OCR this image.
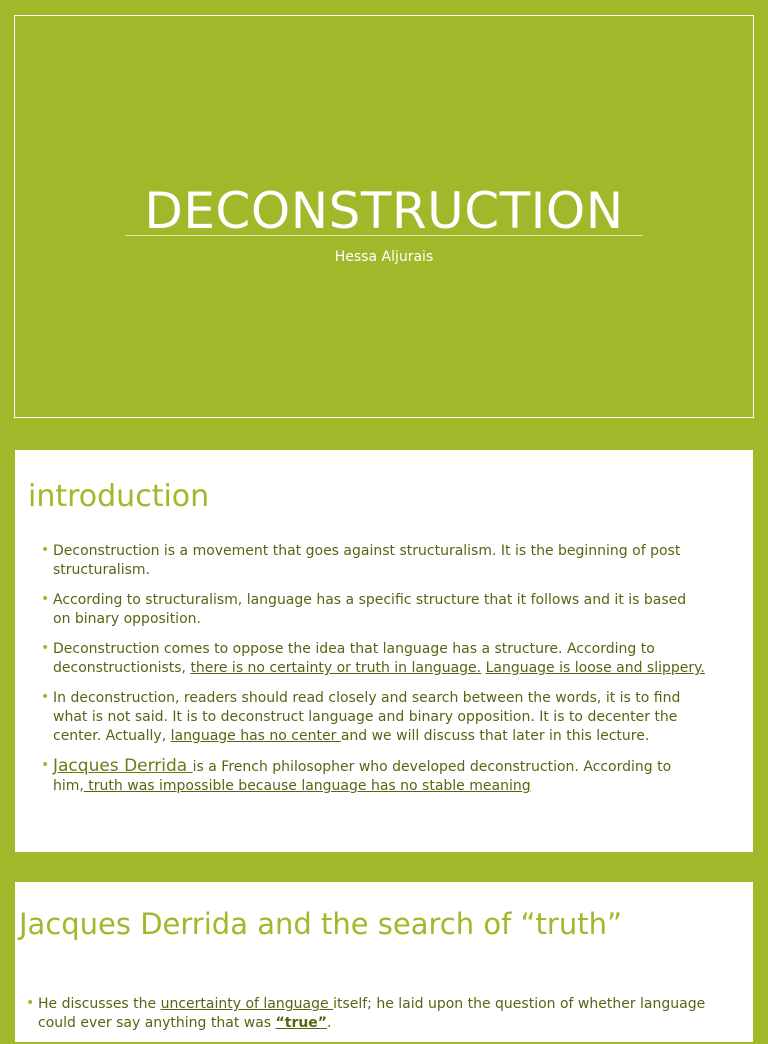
DECONSTRUCTION
Hessa Aljurais
introduction
• Deconstruction is a movement that goes against structuralism. It is the beginning of post structuralism.
• According to structuralism, language has a specific structure that it follows and it is based on binary opposition.
• Deconstruction comes to oppose the idea that language has a structure. According to deconstructionists, there is no certainty or truth in language. Language is loose and slippery.
• In deconstruction, readers should read closely and search between the words, it is to find what is not said. It is to deconstruct language and binary opposition. It is to decenter the center. Actually, language has no center and we will discuss that later in this lecture.
• Jacques Derrida is a French philosopher who developed deconstruction. According to him, truth was impossible because language has no stable meaning
Jacques Derrida and the search of “truth”
• He discusses the uncertainty of language itself; he laid upon the question of whether language could ever say anything that was “true”.
